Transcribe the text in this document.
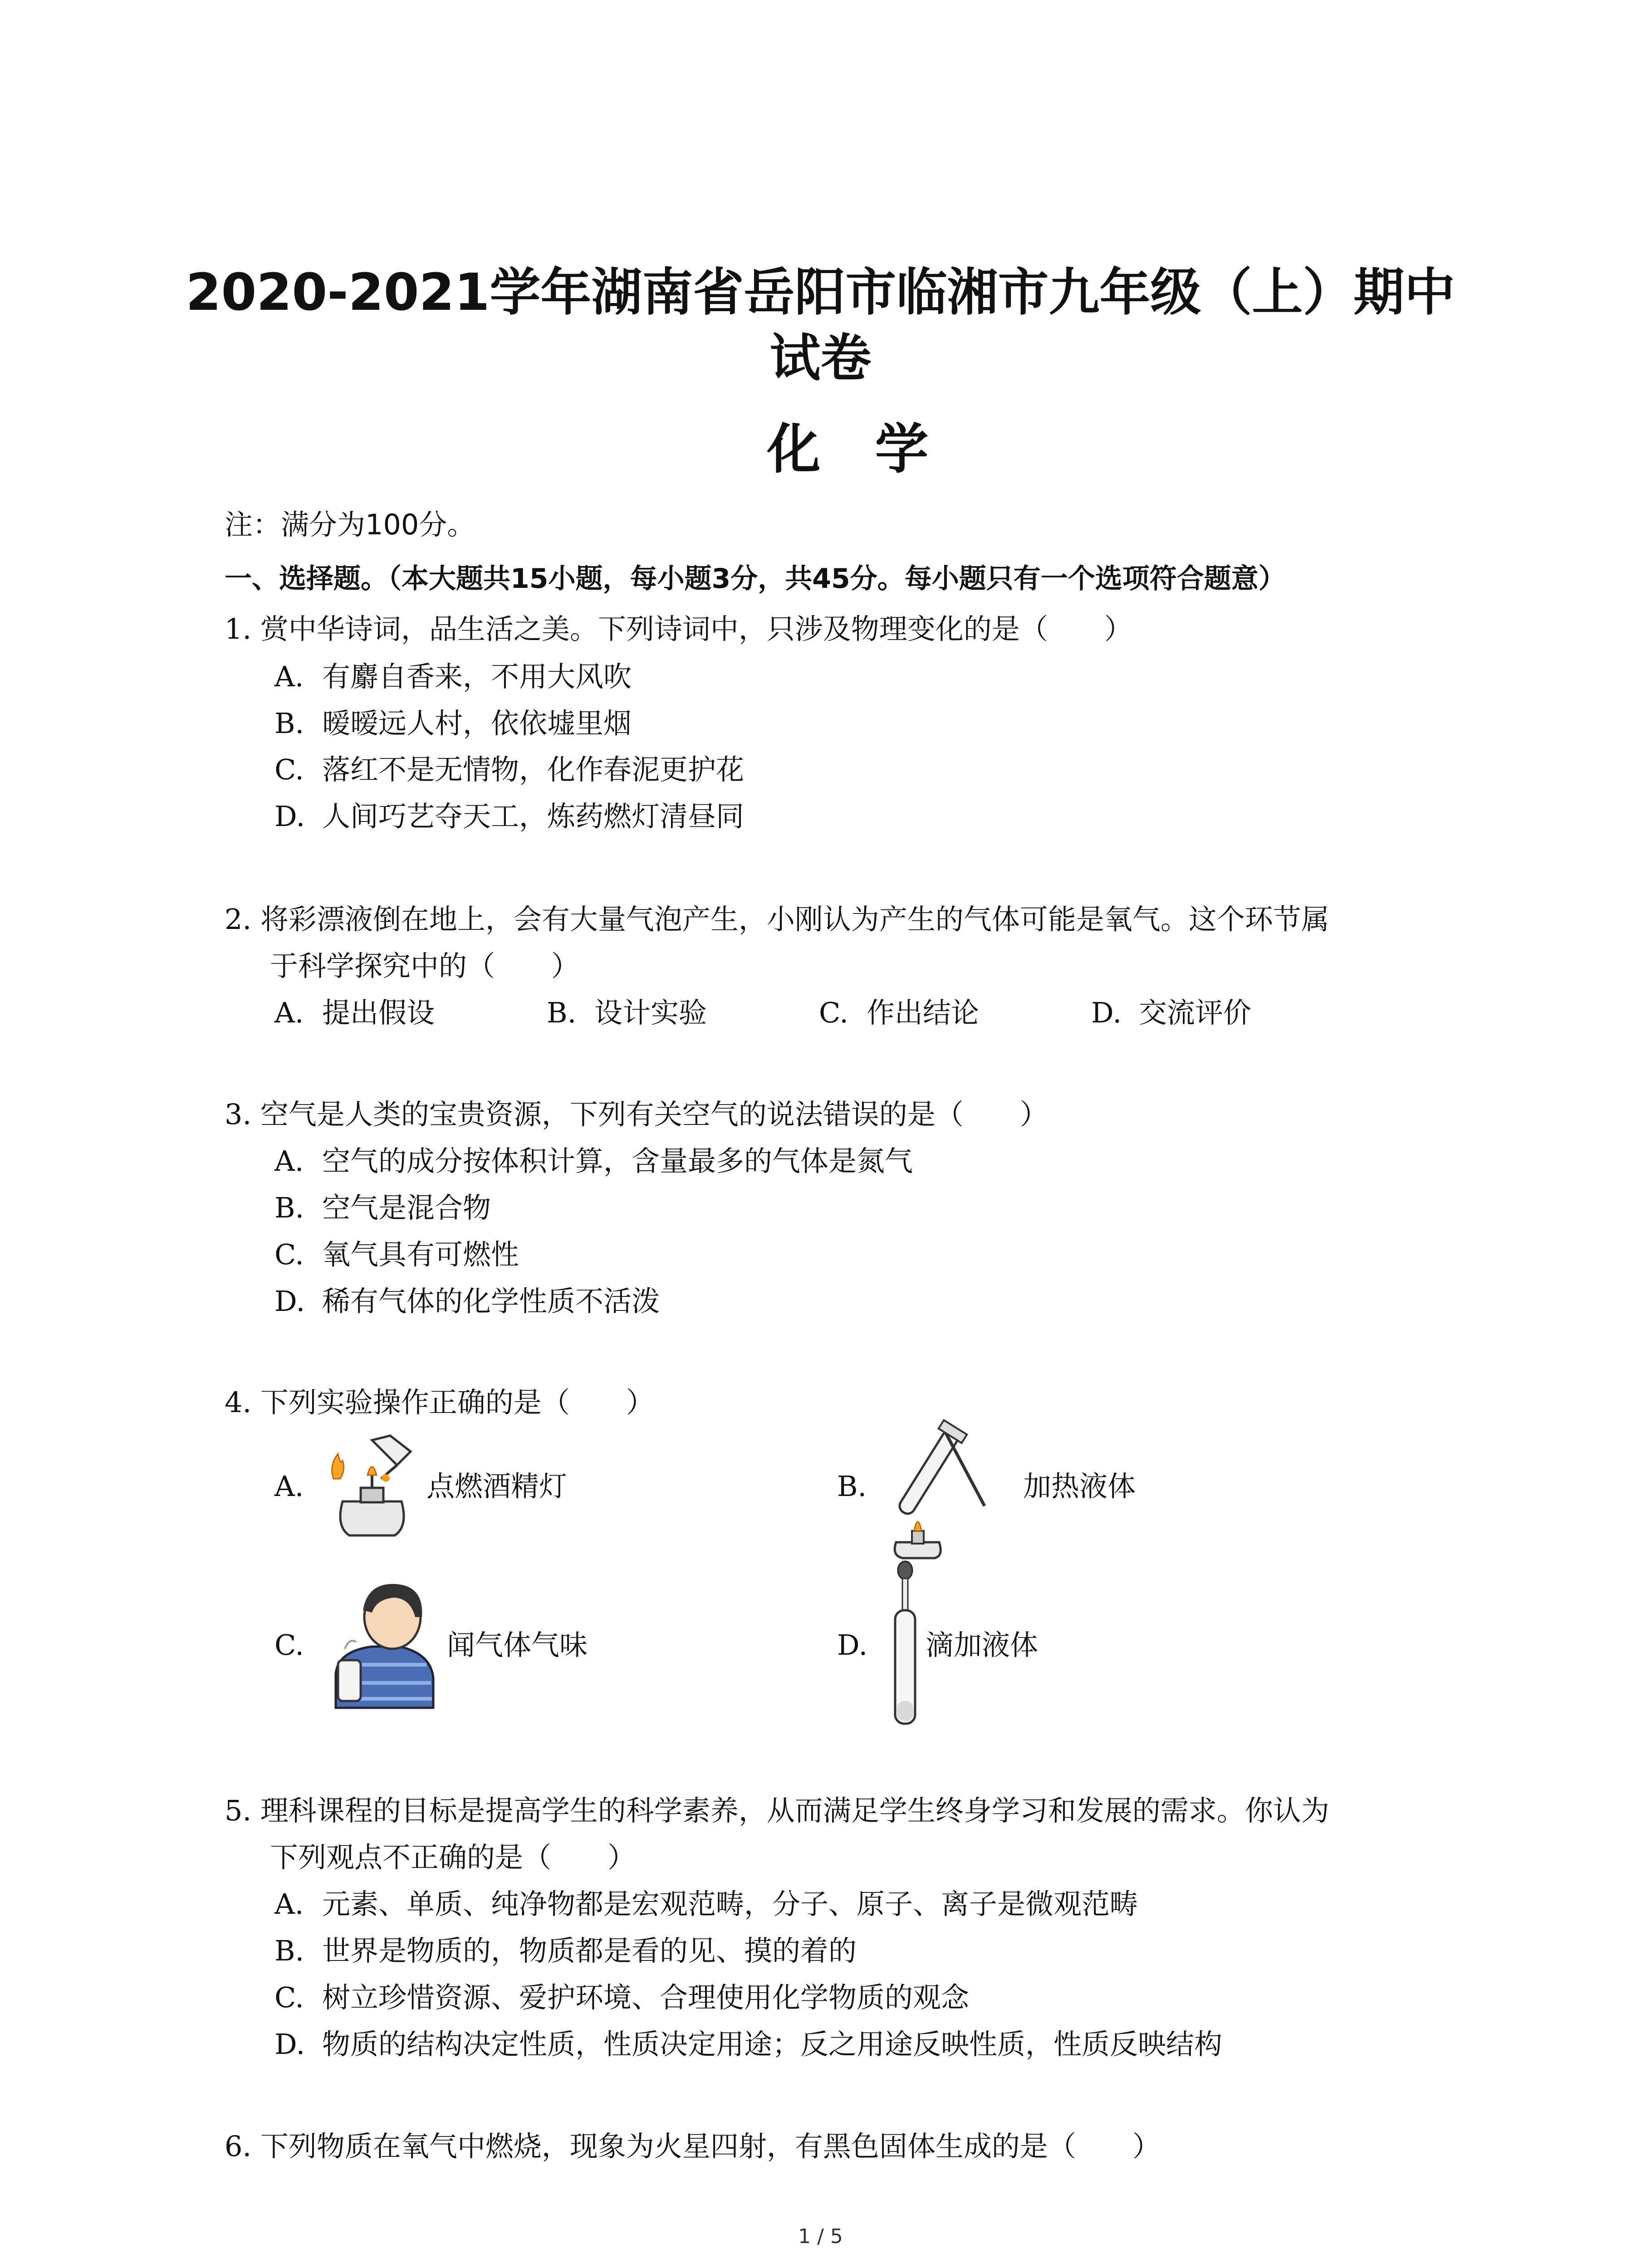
2020-2021学年湖南省岳阳市临湘市九年级（上）期中
试卷
化学
注：满分为100分。
一、选择题。（本大题共15小题，每小题3分，共45分。每小题只有一个选项符合题意）
1. 赏中华诗词，品生活之美。下列诗词中，只涉及物理变化的是（　　）
A. 有麝自香来，不用大风吹
B. 暧暧远人村，依依墟里烟
C. 落红不是无情物，化作春泥更护花
D. 人间巧艺夺天工，炼药燃灯清昼同
2. 将彩漂液倒在地上，会有大量气泡产生，小刚认为产生的气体可能是氧气。这个环节属
于科学探究中的（　　）
A. 提出假设	B. 设计实验	C. 作出结论	D. 交流评价
3. 空气是人类的宝贵资源，下列有关空气的说法错误的是（　　）
A. 空气的成分按体积计算，含量最多的气体是氮气
B. 空气是混合物
C. 氧气具有可燃性
D. 稀有气体的化学性质不活泼
4. 下列实验操作正确的是（　　）
A.	点燃酒精灯	B.	加热液体
C.	闻气体气味	D. 滴加液体
5. 理科课程的目标是提高学生的科学素养，从而满足学生终身学习和发展的需求。你认为
下列观点不正确的是（　　）
A. 元素、单质、纯净物都是宏观范畴，分子、原子、离子是微观范畴
B. 世界是物质的，物质都是看的见、摸的着的
C. 树立珍惜资源、爱护环境、合理使用化学物质的观念
D. 物质的结构决定性质，性质决定用途；反之用途反映性质，性质反映结构
6. 下列物质在氧气中燃烧，现象为火星四射，有黑色固体生成的是（　　）
1 / 5
